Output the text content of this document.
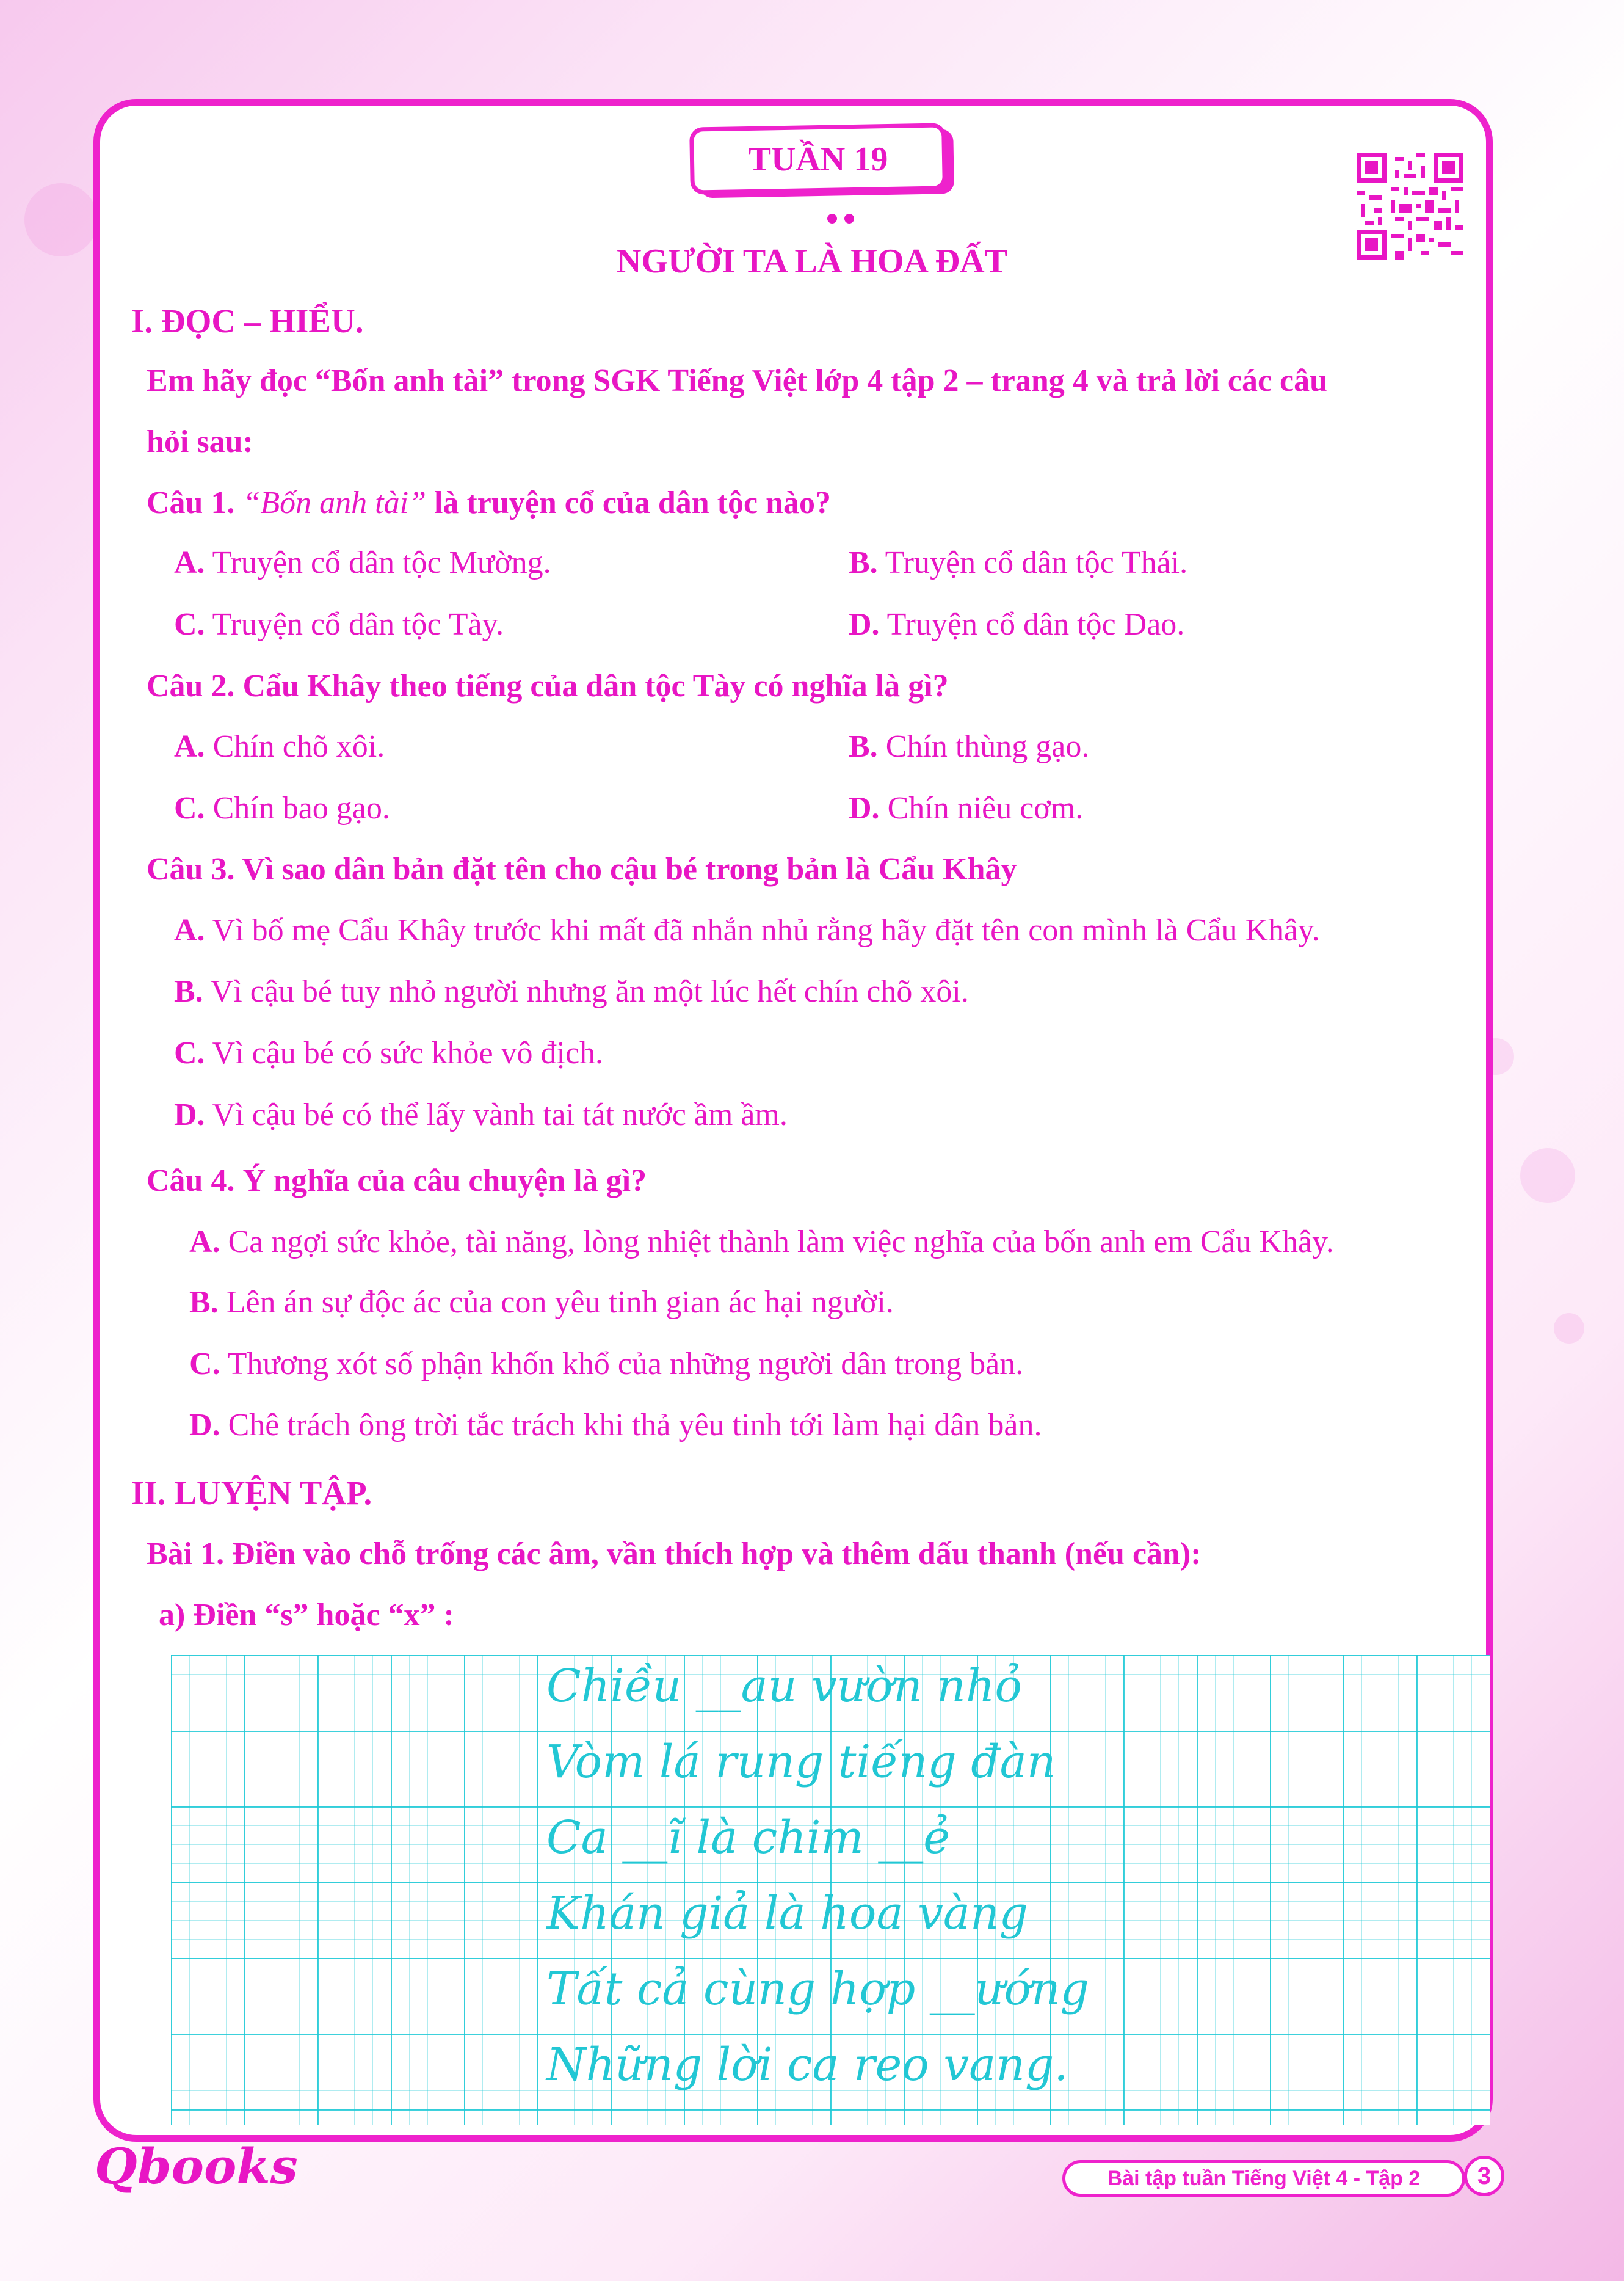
TUẦN 19
NGƯỜI TA LÀ HOA ĐẤT
I. ĐỌC – HIỂU.
Em hãy đọc “Bốn anh tài” trong SGK Tiếng Việt lớp 4 tập 2 – trang 4 và trả lời các câu
hỏi sau:
Câu 1. “Bốn anh tài” là truyện cổ của dân tộc nào?
A. Truyện cổ dân tộc Mường.	B. Truyện cổ dân tộc Thái.
C. Truyện cổ dân tộc Tày.	D. Truyện cổ dân tộc Dao.
Câu 2. Cẩu Khây theo tiếng của dân tộc Tày có nghĩa là gì?
A. Chín chõ xôi.	B. Chín thùng gạo.
C. Chín bao gạo.	D. Chín niêu cơm.
Câu 3. Vì sao dân bản đặt tên cho cậu bé trong bản là Cẩu Khây
A. Vì bố mẹ Cẩu Khây trước khi mất đã nhắn nhủ rằng hãy đặt tên con mình là Cẩu Khây.
B. Vì cậu bé tuy nhỏ người nhưng ăn một lúc hết chín chõ xôi.
C. Vì cậu bé có sức khỏe vô địch.
D. Vì cậu bé có thể lấy vành tai tát nước ầm ầm.
Câu 4. Ý nghĩa của câu chuyện là gì?
A. Ca ngợi sức khỏe, tài năng, lòng nhiệt thành làm việc nghĩa của bốn anh em Cẩu Khây.
B. Lên án sự độc ác của con yêu tinh gian ác hại người.
C. Thương xót số phận khốn khổ của những người dân trong bản.
D. Chê trách ông trời tắc trách khi thả yêu tinh tới làm hại dân bản.
II. LUYỆN TẬP.
Bài 1. Điền vào chỗ trống các âm, vần thích hợp và thêm dấu thanh (nếu cần):
a) Điền “s” hoặc “x” :
Chiều __au vườn nhỏ
Vòm lá rung tiếng đàn
Ca __ĩ là chim __ẻ
Khán giả là hoa vàng
Tất cả cùng hợp __ướng
Những lời ca reo vang.
Qbooks	Bài tập tuần Tiếng Việt 4 - Tập 2	3
